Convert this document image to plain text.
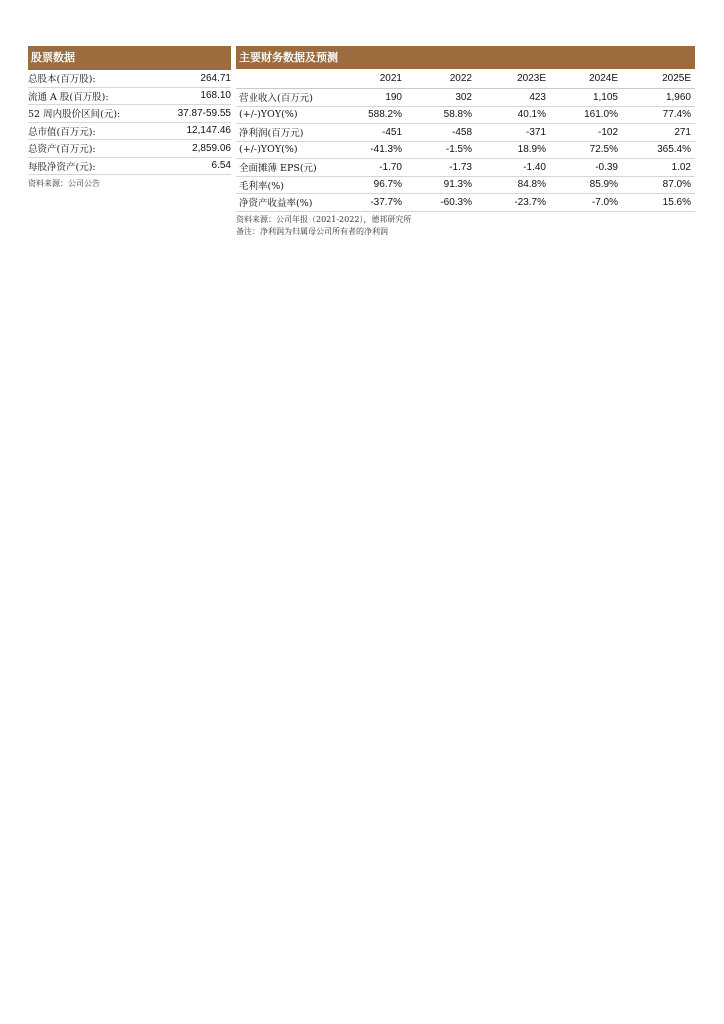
股票数据
总股本(百万股):	264.71
流通 A 股(百万股):	168.10
52 周内股价区间(元):	37.87-59.55
总市值(百万元):	12,147.46
总资产(百万元):	2,859.06
每股净资产(元):	6.54
资料来源：公司公告
主要财务数据及预测
	2021	2022	2023E	2024E	2025E
营业收入(百万元)	190	302	423	1,105	1,960
(+/-)YOY(%)	588.2%	58.8%	40.1%	161.0%	77.4%
净利润(百万元)	-451	-458	-371	-102	271
(+/-)YOY(%)	-41.3%	-1.5%	18.9%	72.5%	365.4%
全面摊薄 EPS(元)	-1.70	-1.73	-1.40	-0.39	1.02
毛利率(%)	96.7%	91.3%	84.8%	85.9%	87.0%
净资产收益率(%)	-37.7%	-60.3%	-23.7%	-7.0%	15.6%
资料来源：公司年报（2021-2022），德邦研究所
备注：净利润为归属母公司所有者的净利润
